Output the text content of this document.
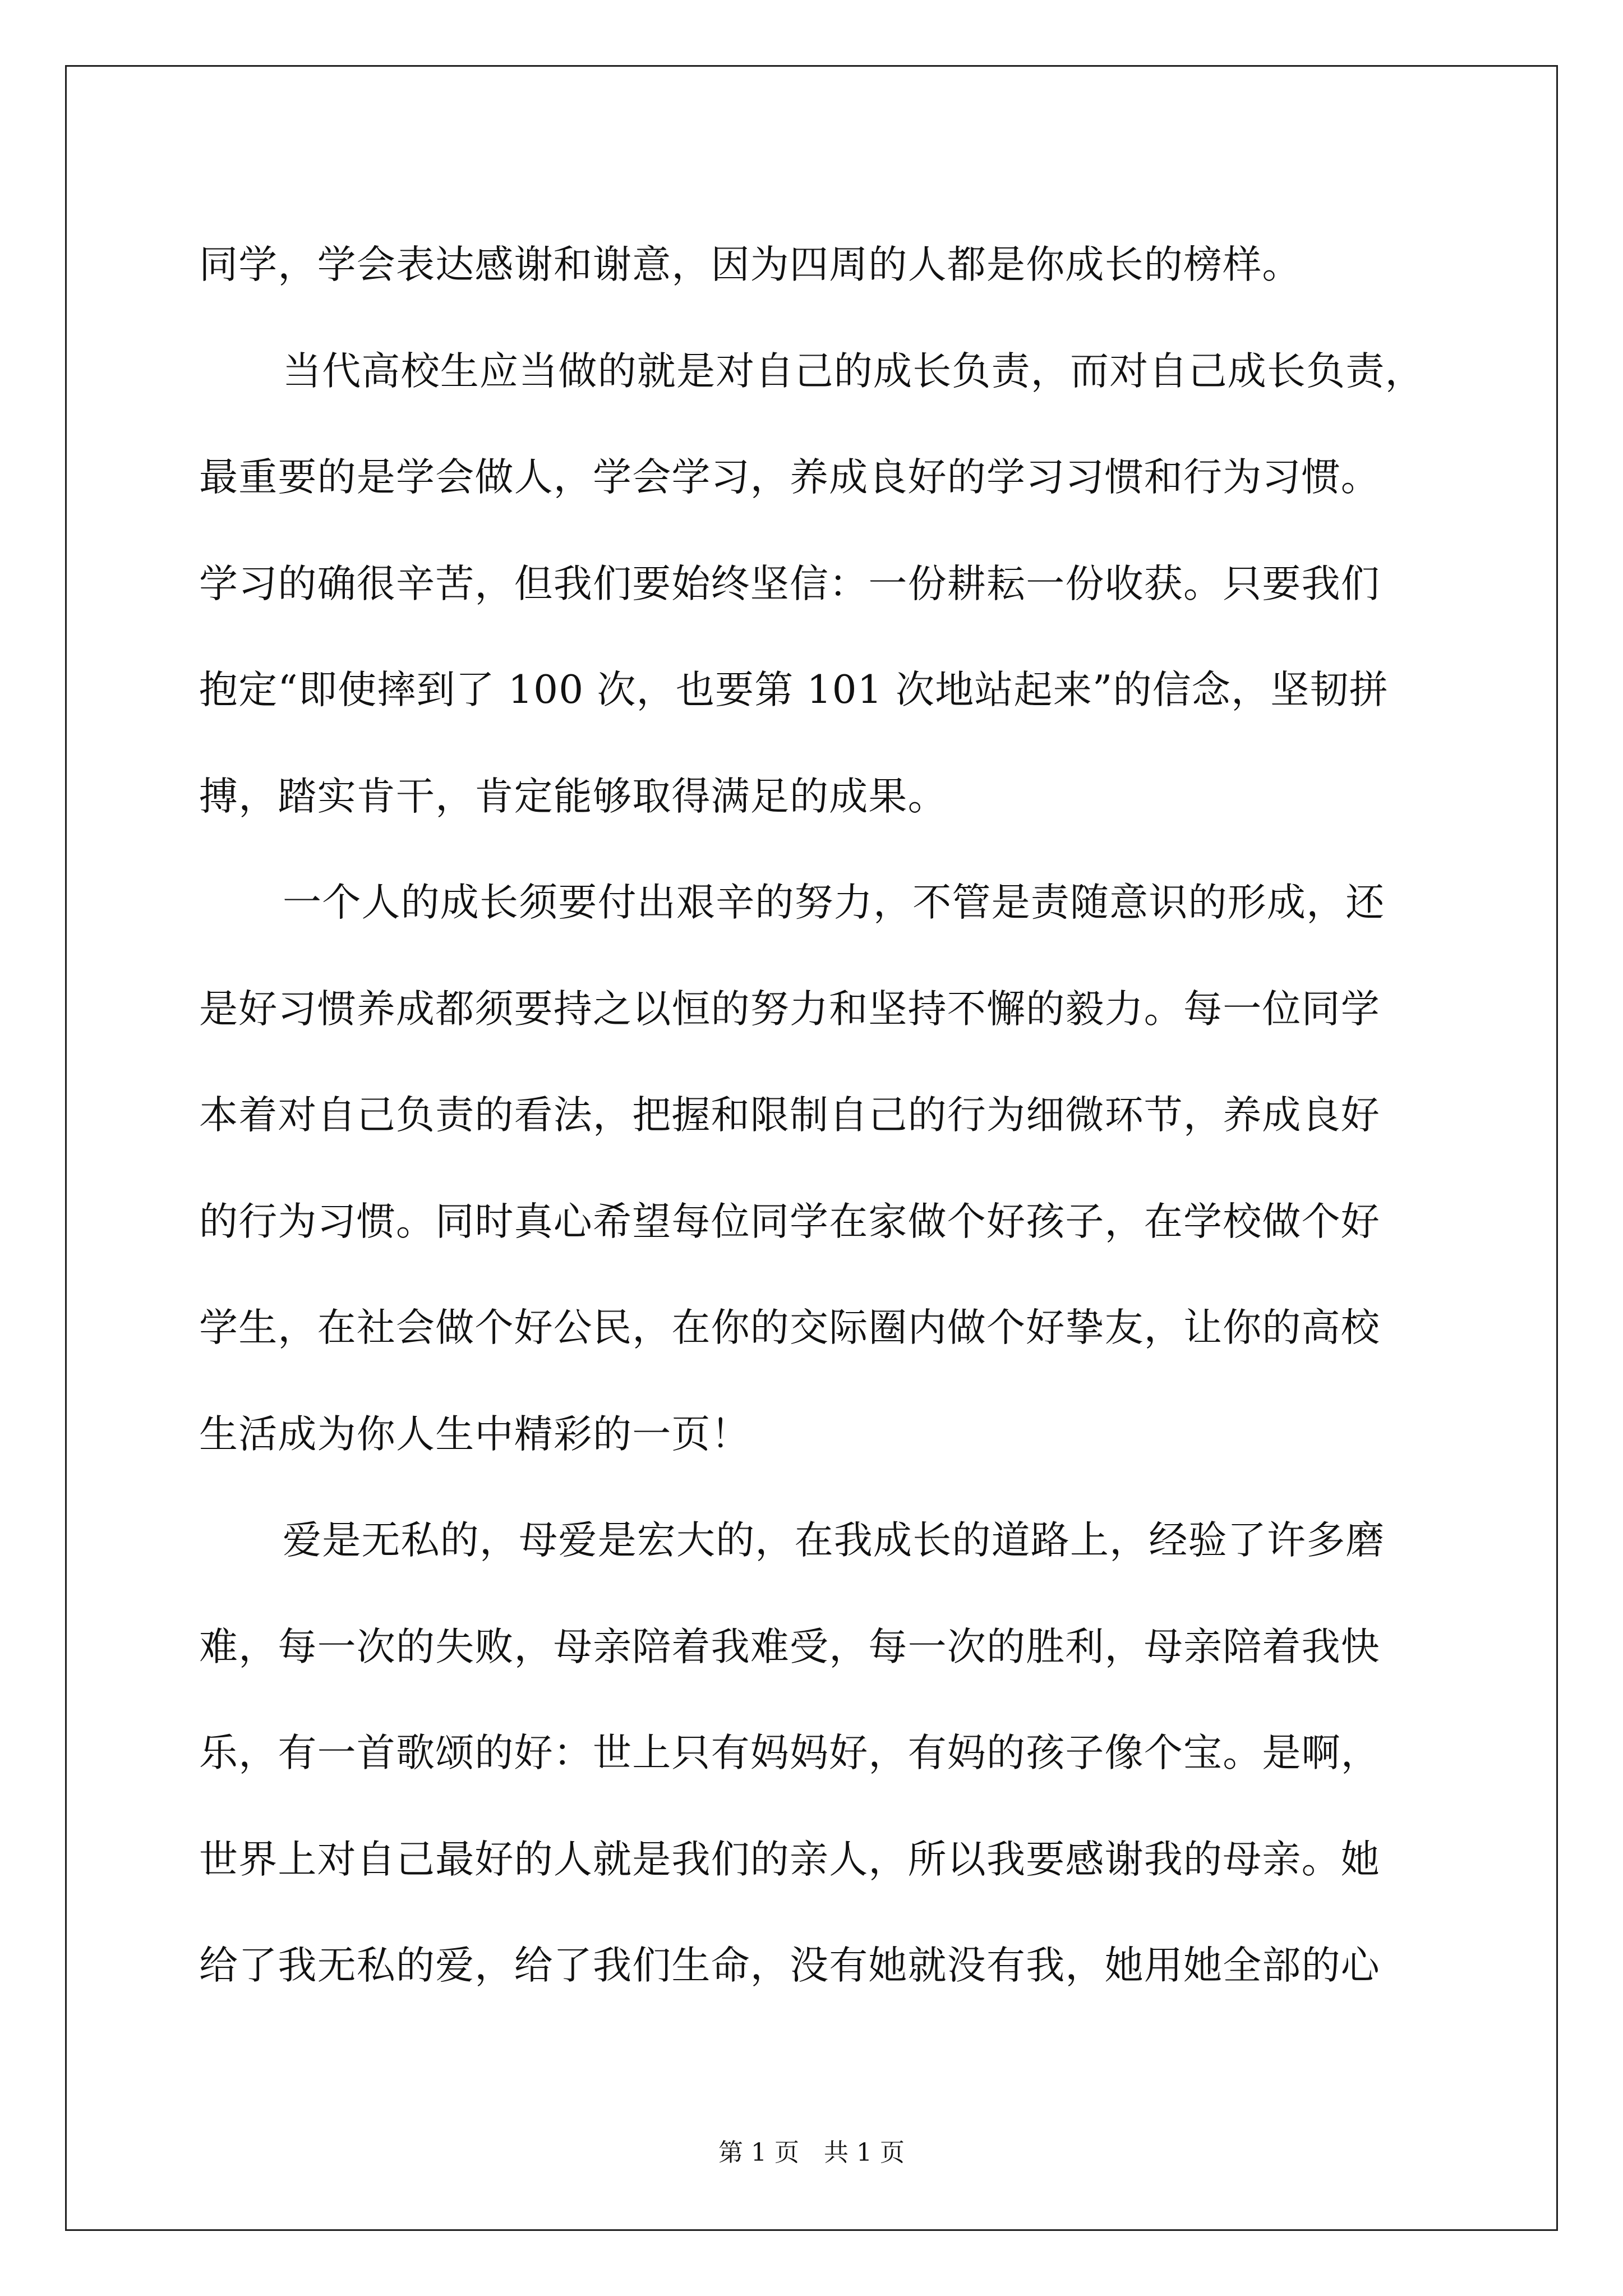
同学，学会表达感谢和谢意，因为四周的人都是你成长的榜样。
当代高校生应当做的就是对自己的成长负责，而对自己成长负责，
最重要的是学会做人，学会学习，养成良好的学习习惯和行为习惯。
学习的确很辛苦，但我们要始终坚信：一份耕耘一份收获。只要我们
抱定“即使摔到了 100 次，也要第 101 次地站起来”的信念，坚韧拼
搏，踏实肯干，肯定能够取得满足的成果。
一个人的成长须要付出艰辛的努力，不管是责随意识的形成，还
是好习惯养成都须要持之以恒的努力和坚持不懈的毅力。每一位同学
本着对自己负责的看法，把握和限制自己的行为细微环节，养成良好
的行为习惯。同时真心希望每位同学在家做个好孩子，在学校做个好
学生，在社会做个好公民，在你的交际圈内做个好挚友，让你的高校
生活成为你人生中精彩的一页！
爱是无私的，母爱是宏大的，在我成长的道路上，经验了许多磨
难，每一次的失败，母亲陪着我难受，每一次的胜利，母亲陪着我快
乐，有一首歌颂的好：世上只有妈妈好，有妈的孩子像个宝。是啊，
世界上对自己最好的人就是我们的亲人，所以我要感谢我的母亲。她
给了我无私的爱，给了我们生命，没有她就没有我，她用她全部的心
第 1 页　共 1 页
